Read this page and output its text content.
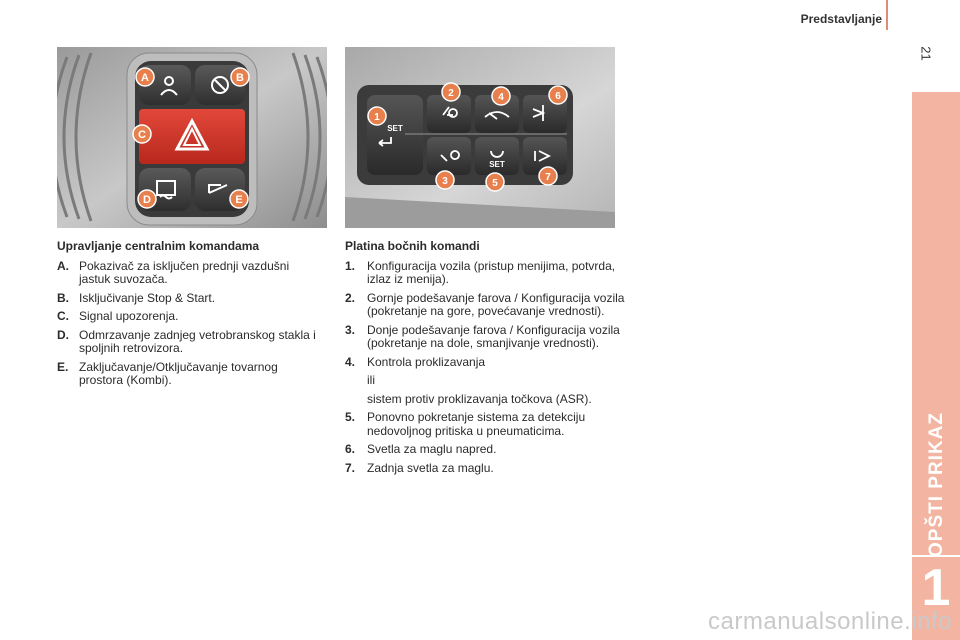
Predstavljanje
21
OPŠTI PRIKAZ
1
A	B
C
D	E
SET
SET
1
2
3
4
5
6
7
Upravljanje centralnim komandama
A. Pokazivač za isključen prednji vazdušni jastuk suvozača.
B. Isključivanje Stop & Start.
C. Signal upozorenja.
D. Odmrzavanje zadnjeg vetrobranskog stakla i spoljnih retrovizora.
E. Zaključavanje/Otključavanje tovarnog prostora (Kombi).
Platina bočnih komandi
1. Konfiguracija vozila (pristup menijima, potvrda, izlaz iz menija).
2. Gornje podešavanje farova / Konfiguracija vozila (pokretanje na gore, povećavanje vrednosti).
3. Donje podešavanje farova / Konfiguracija vozila (pokretanje na dole, smanjivanje vrednosti).
4. Kontrola proklizavanja
ili
sistem protiv proklizavanja točkova (ASR).
5. Ponovno pokretanje sistema za detekciju nedovoljnog pritiska u pneumaticima.
6. Svetla za maglu napred.
7. Zadnja svetla za maglu.
carmanualsonline.info
